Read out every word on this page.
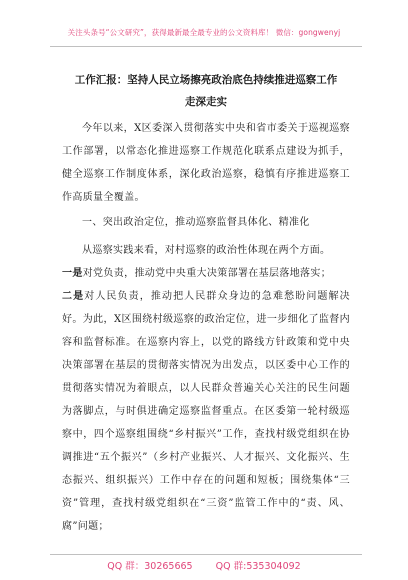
关注头条号“公文研究”，获得最新最全最专业的公文资料库！ 微信：gongwenyj
工作汇报：坚持人民立场擦亮政治底色持续推进巡察工作
走深走实

今年以来，X区委深入贯彻落实中央和省市委关于巡视巡察工作部署，以常态化推进巡察工作规范化联系点建设为抓手，健全巡察工作制度体系，深化政治巡察，稳慎有序推进巡察工作高质量全覆盖。

一、突出政治定位，推动巡察监督具体化、精准化

从巡察实践来看，对村巡察的政治性体现在两个方面。

一是对党负责，推动党中央重大决策部署在基层落地落实；

二是对人民负责，推动把人民群众身边的急难愁盼问题解决好。为此，X区围绕村级巡察的政治定位，进一步细化了监督内容和监督标准。在巡察内容上，以党的路线方针政策和党中央决策部署在基层的贯彻落实情况为出发点，以区委中心工作的贯彻落实情况为着眼点，以人民群众普遍关心关注的民生问题为落脚点，与时俱进确定巡察监督重点。在区委第一轮村级巡察中，四个巡察组围绕“乡村振兴”工作，查找村级党组织在协调推进“五个振兴”（乡村产业振兴、人才振兴、文化振兴、生态振兴、组织振兴）工作中存在的问题和短板；围绕集体“三资”管理，查找村级党组织在“三资”监管工作中的“责、风、腐”问题；

QQ 群：30265665 QQ 群:535304092
